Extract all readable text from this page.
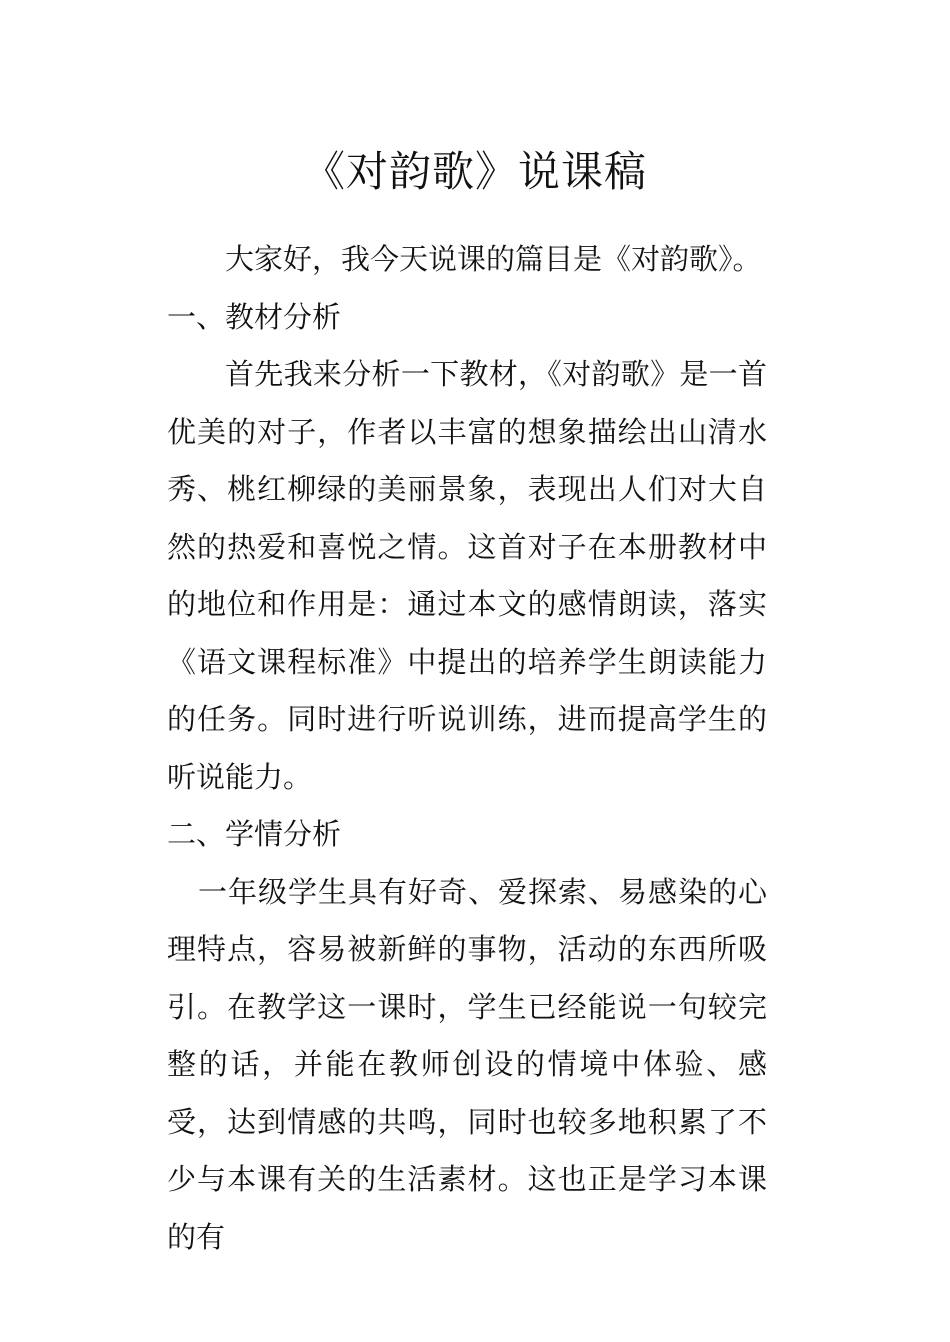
《对韵歌》说课稿

大家好，我今天说课的篇目是《对韵歌》。

一、教材分析

首先我来分析一下教材，《对韵歌》是一首优美的对子，作者以丰富的想象描绘出山清水秀、桃红柳绿的美丽景象，表现出人们对大自然的热爱和喜悦之情。这首对子在本册教材中的地位和作用是：通过本文的感情朗读，落实《语文课程标准》中提出的培养学生朗读能力的任务。同时进行听说训练，进而提高学生的听说能力。

二、学情分析

一年级学生具有好奇、爱探索、易感染的心理特点，容易被新鲜的事物，活动的东西所吸引。在教学这一课时，学生已经能说一句较完整的话，并能在教师创设的情境中体验、感受，达到情感的共鸣，同时也较多地积累了不少与本课有关的生活素材。这也正是学习本课的有
